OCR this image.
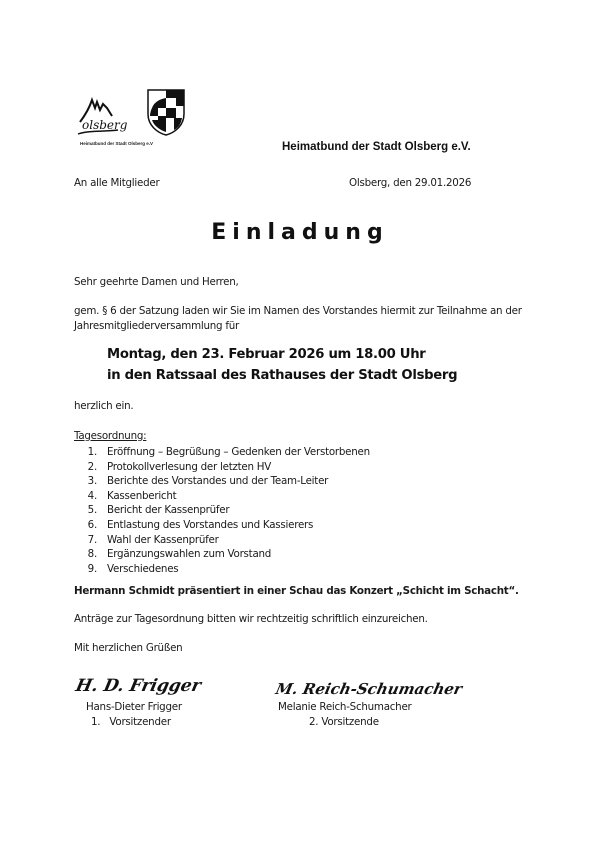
olsberg
Heimatbund der Stadt Olsberg e.V	Heimatbund der Stadt Olsberg e.V.
An alle Mitglieder	Olsberg, den 29.01.2026
Einladung
Sehr geehrte Damen und Herren,
gem. § 6 der Satzung laden wir Sie im Namen des Vorstandes hiermit zur Teilnahme an der
Jahresmitgliederversammlung für
Montag, den 23. Februar 2026 um 18.00 Uhr
in den Ratssaal des Rathauses der Stadt Olsberg
herzlich ein.
Tagesordnung:
1. Eröffnung – Begrüßung – Gedenken der Verstorbenen
2. Protokollverlesung der letzten HV
3. Berichte des Vorstandes und der Team-Leiter
4. Kassenbericht
5. Bericht der Kassenprüfer
6. Entlastung des Vorstandes und Kassierers
7. Wahl der Kassenprüfer
8. Ergänzungswahlen zum Vorstand
9. Verschiedenes
Hermann Schmidt präsentiert in einer Schau das Konzert „Schicht im Schacht“.
Anträge zur Tagesordnung bitten wir rechtzeitig schriftlich einzureichen.
Mit herzlichen Grüßen
H. D. Frigger
Hans-Dieter Frigger
1.   Vorsitzender
M. Reich-Schumacher
Melanie Reich-Schumacher
2. Vorsitzende
